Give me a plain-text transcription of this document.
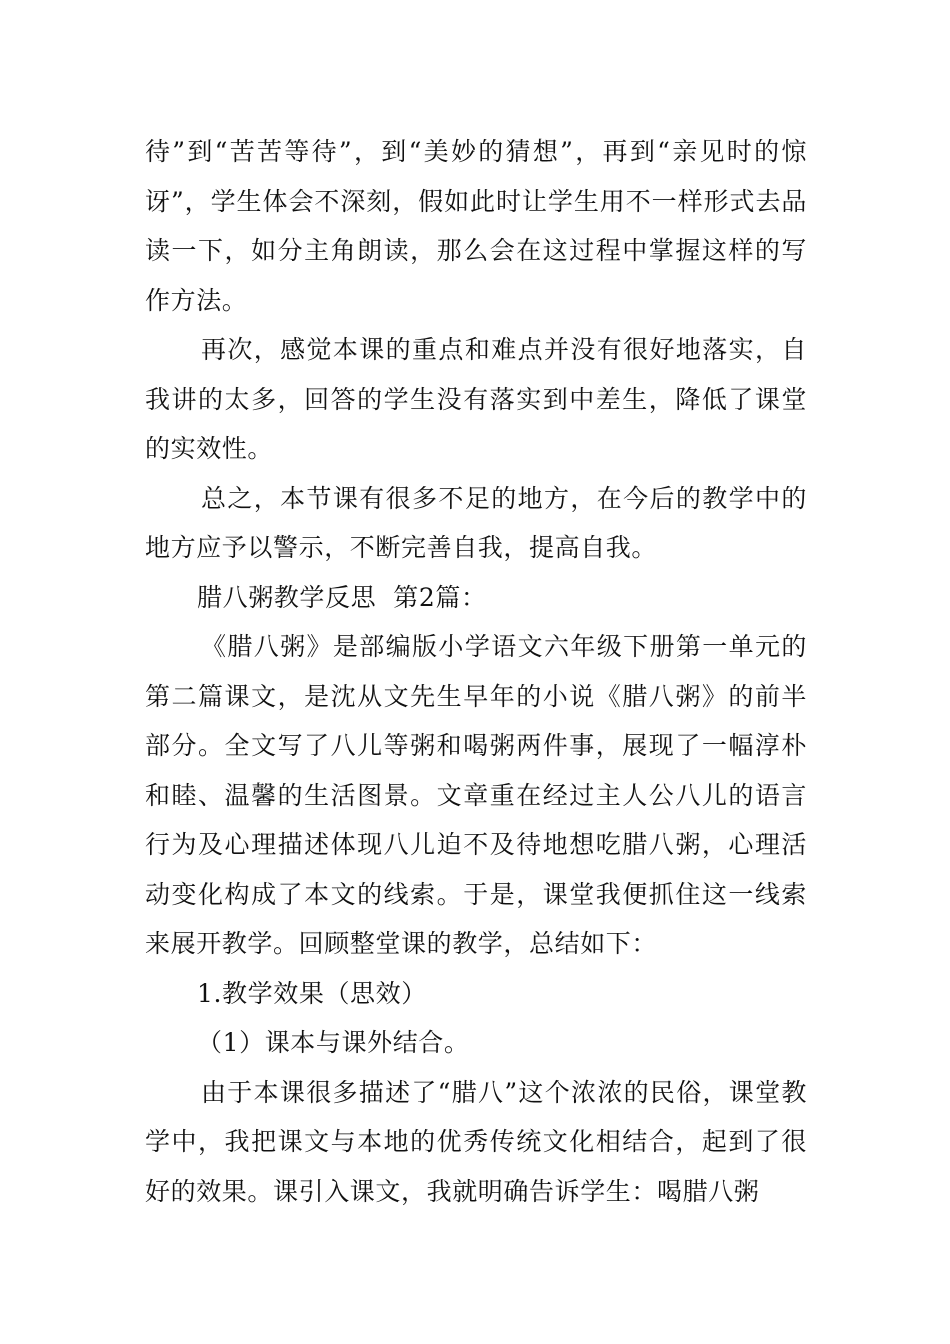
待”到“苦苦等待”，到“美妙的猜想”，再到“亲见时的惊讶”，学生体会不深刻，假如此时让学生用不一样形式去品读一下，如分主角朗读，那么会在这过程中掌握这样的写作方法。

再次，感觉本课的重点和难点并没有很好地落实，自我讲的太多，回答的学生没有落实到中差生，降低了课堂的实效性。

总之，本节课有很多不足的地方，在今后的教学中的地方应予以警示，不断完善自我，提高自我。

腊八粥教学反思  第2篇：

《腊八粥》是部编版小学语文六年级下册第一单元的第二篇课文，是沈从文先生早年的小说《腊八粥》的前半部分。全文写了八儿等粥和喝粥两件事，展现了一幅淳朴和睦、温馨的生活图景。文章重在经过主人公八儿的语言行为及心理描述体现八儿迫不及待地想吃腊八粥，心理活动变化构成了本文的线索。于是，课堂我便抓住这一线索来展开教学。回顾整堂课的教学，总结如下：

1.教学效果（思效）

（1）课本与课外结合。

由于本课很多描述了“腊八”这个浓浓的民俗，课堂教学中，我把课文与本地的优秀传统文化相结合，起到了很好的效果。课引入课文，我就明确告诉学生：喝腊八粥
